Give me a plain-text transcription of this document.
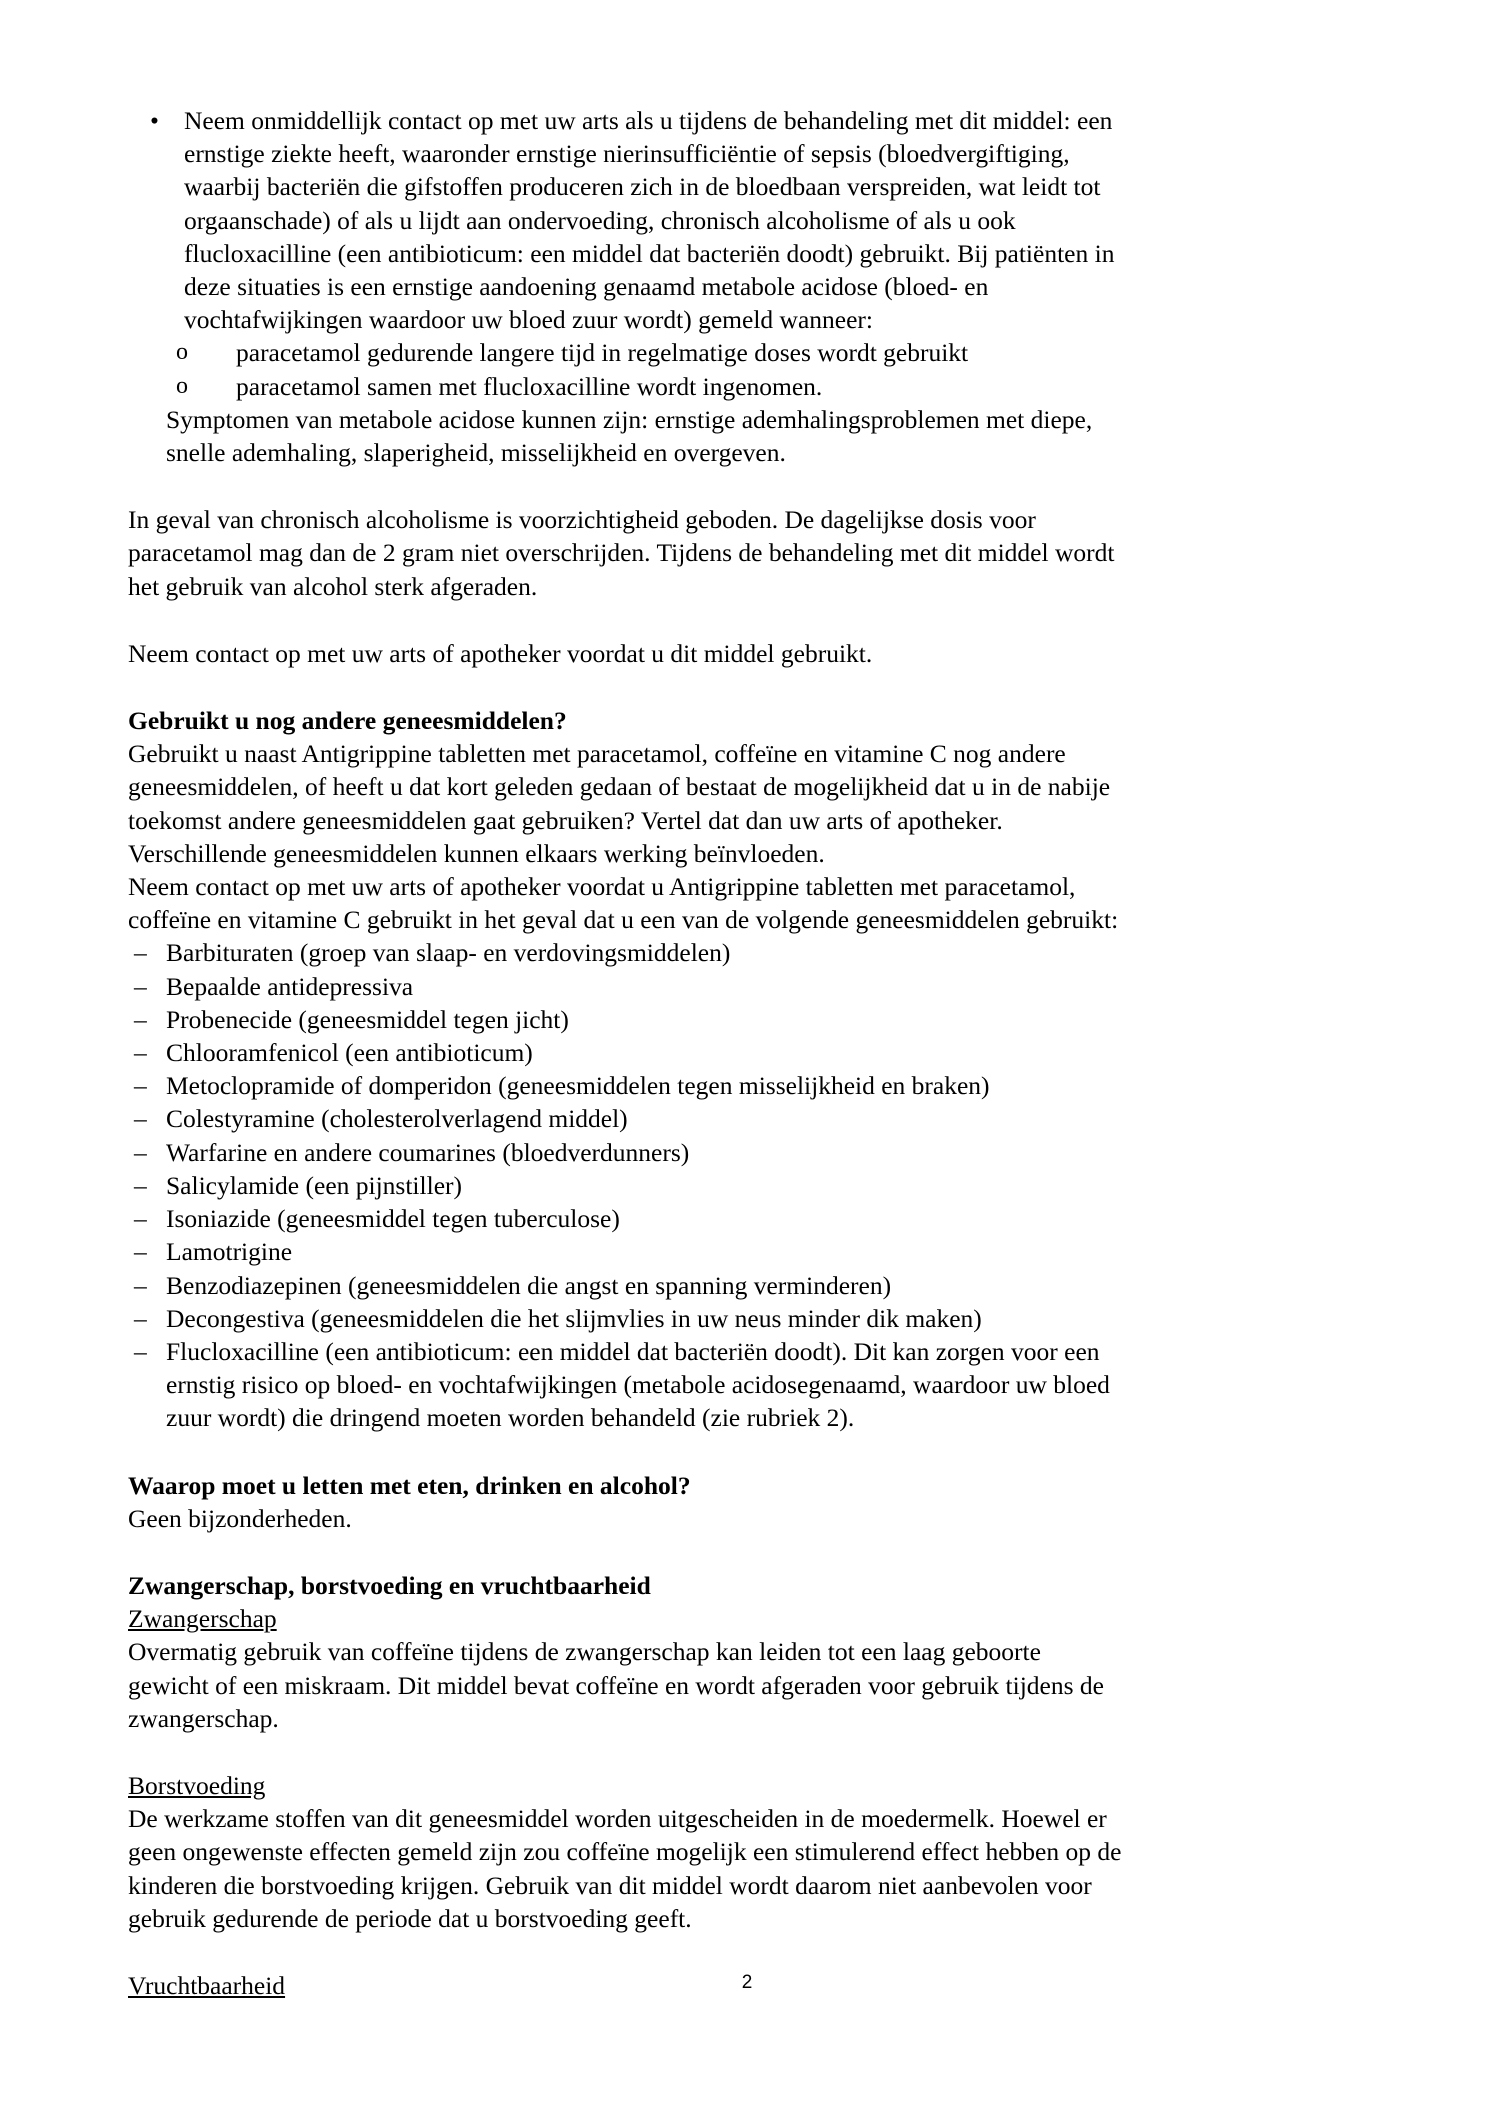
• Neem onmiddellijk contact op met uw arts als u tijdens de behandeling met dit middel: een ernstige ziekte heeft, waaronder ernstige nierinsufficiëntie of sepsis (bloedvergiftiging, waarbij bacteriën die gifstoffen produceren zich in de bloedbaan verspreiden, wat leidt tot orgaanschade) of als u lijdt aan ondervoeding, chronisch alcoholisme of als u ook flucloxacilline (een antibioticum: een middel dat bacteriën doodt) gebruikt. Bij patiënten in deze situaties is een ernstige aandoening genaamd metabole acidose (bloed- en vochtafwijkingen waardoor uw bloed zuur wordt) gemeld wanneer:
o paracetamol gedurende langere tijd in regelmatige doses wordt gebruikt
o paracetamol samen met flucloxacilline wordt ingenomen.

Symptomen van metabole acidose kunnen zijn: ernstige ademhalingsproblemen met diepe, snelle ademhaling, slaperigheid, misselijkheid en overgeven.

In geval van chronisch alcoholisme is voorzichtigheid geboden. De dagelijkse dosis voor paracetamol mag dan de 2 gram niet overschrijden. Tijdens de behandeling met dit middel wordt het gebruik van alcohol sterk afgeraden.

Neem contact op met uw arts of apotheker voordat u dit middel gebruikt.

Gebruikt u nog andere geneesmiddelen?

Gebruikt u naast Antigrippine tabletten met paracetamol, coffeïne en vitamine C nog andere geneesmiddelen, of heeft u dat kort geleden gedaan of bestaat de mogelijkheid dat u in de nabije toekomst andere geneesmiddelen gaat gebruiken? Vertel dat dan uw arts of apotheker. Verschillende geneesmiddelen kunnen elkaars werking beïnvloeden.

Neem contact op met uw arts of apotheker voordat u Antigrippine tabletten met paracetamol, coffeïne en vitamine C gebruikt in het geval dat u een van de volgende geneesmiddelen gebruikt:

– Barbituraten (groep van slaap- en verdovingsmiddelen)
– Bepaalde antidepressiva
– Probenecide (geneesmiddel tegen jicht)
– Chlooramfenicol (een antibioticum)
– Metoclopramide of domperidon (geneesmiddelen tegen misselijkheid en braken)
– Colestyramine (cholesterolverlagend middel)
– Warfarine en andere coumarines (bloedverdunners)
– Salicylamide (een pijnstiller)
– Isoniazide (geneesmiddel tegen tuberculose)
– Lamotrigine
– Benzodiazepinen (geneesmiddelen die angst en spanning verminderen)
– Decongestiva (geneesmiddelen die het slijmvlies in uw neus minder dik maken)
– Flucloxacilline (een antibioticum: een middel dat bacteriën doodt). Dit kan zorgen voor een ernstig risico op bloed- en vochtafwijkingen (metabole acidosegenaamd, waardoor uw bloed zuur wordt) die dringend moeten worden behandeld (zie rubriek 2).

Waarop moet u letten met eten, drinken en alcohol?

Geen bijzonderheden.

Zwangerschap, borstvoeding en vruchtbaarheid

Zwangerschap

Overmatig gebruik van coffeïne tijdens de zwangerschap kan leiden tot een laag geboorte gewicht of een miskraam. Dit middel bevat coffeïne en wordt afgeraden voor gebruik tijdens de zwangerschap.

Borstvoeding

De werkzame stoffen van dit geneesmiddel worden uitgescheiden in de moedermelk. Hoewel er geen ongewenste effecten gemeld zijn zou coffeïne mogelijk een stimulerend effect hebben op de kinderen die borstvoeding krijgen. Gebruik van dit middel wordt daarom niet aanbevolen voor gebruik gedurende de periode dat u borstvoeding geeft.

Vruchtbaarheid	2
